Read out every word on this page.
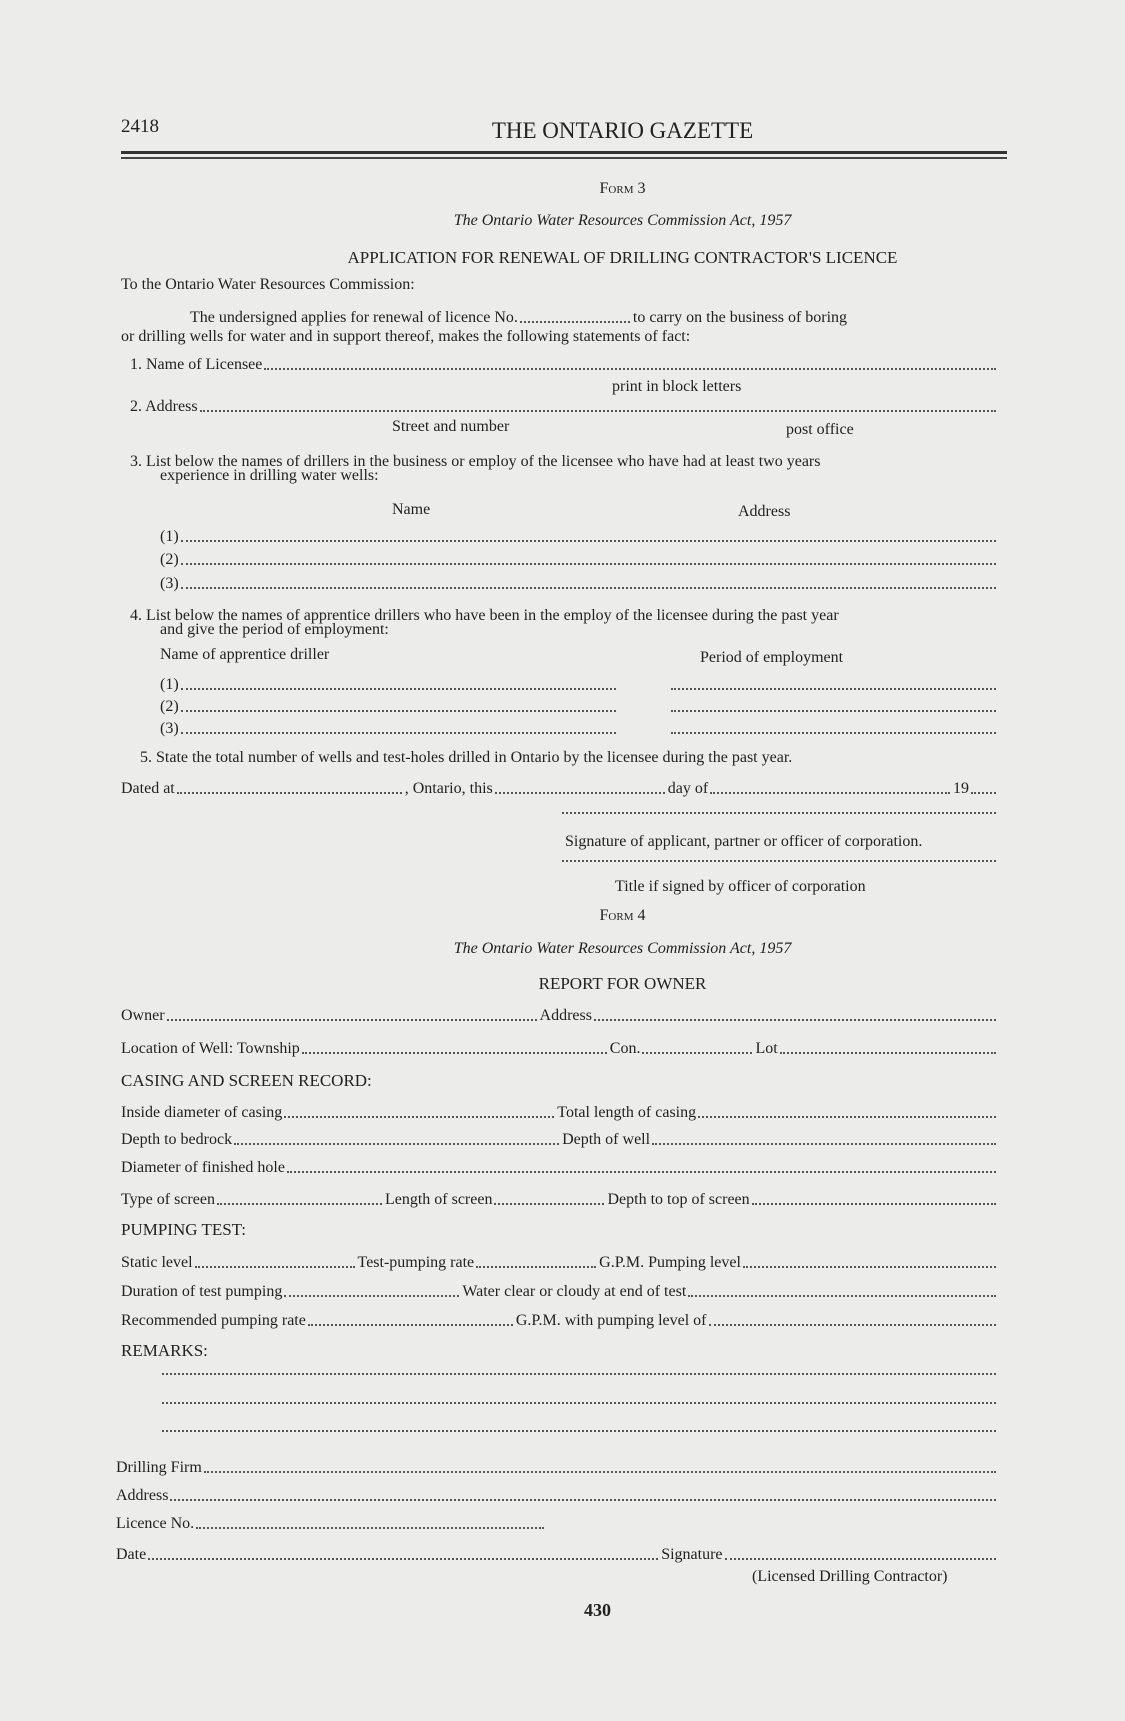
2418	THE ONTARIO GAZETTE
Form 3
The Ontario Water Resources Commission Act, 1957
APPLICATION FOR RENEWAL OF DRILLING CONTRACTOR'S LICENCE
To the Ontario Water Resources Commission:
The undersigned applies for renewal of licence No.	to carry on the business of boring
or drilling wells for water and in support thereof, makes the following statements of fact:
1. Name of Licensee
print in block letters
2. Address
Street and number	post office
3. List below the names of drillers in the business or employ of the licensee who have had at least two years
experience in drilling water wells:
Name	Address
(1)
(2)
(3)
4. List below the names of apprentice drillers who have been in the employ of the licensee during the past year
and give the period of employment:
Name of apprentice driller	Period of employment
(1)
(2)
(3)
5. State the total number of wells and test-holes drilled in Ontario by the licensee during the past year.
Dated at	, Ontario, this	day of	19
Signature of applicant, partner or officer of corporation.
Title if signed by officer of corporation
Form 4
The Ontario Water Resources Commission Act, 1957
REPORT FOR OWNER
Owner	Address
Location of Well: Township	Con.	Lot
CASING AND SCREEN RECORD:
Inside diameter of casing	Total length of casing
Depth to bedrock	Depth of well
Diameter of finished hole
Type of screen	Length of screen	Depth to top of screen
PUMPING TEST:
Static level	Test-pumping rate	G.P.M. Pumping level
Duration of test pumping	Water clear or cloudy at end of test
Recommended pumping rate	G.P.M. with pumping level of
REMARKS:
Drilling Firm
Address
Licence No.
Date	Signature
(Licensed Drilling Contractor)
430
